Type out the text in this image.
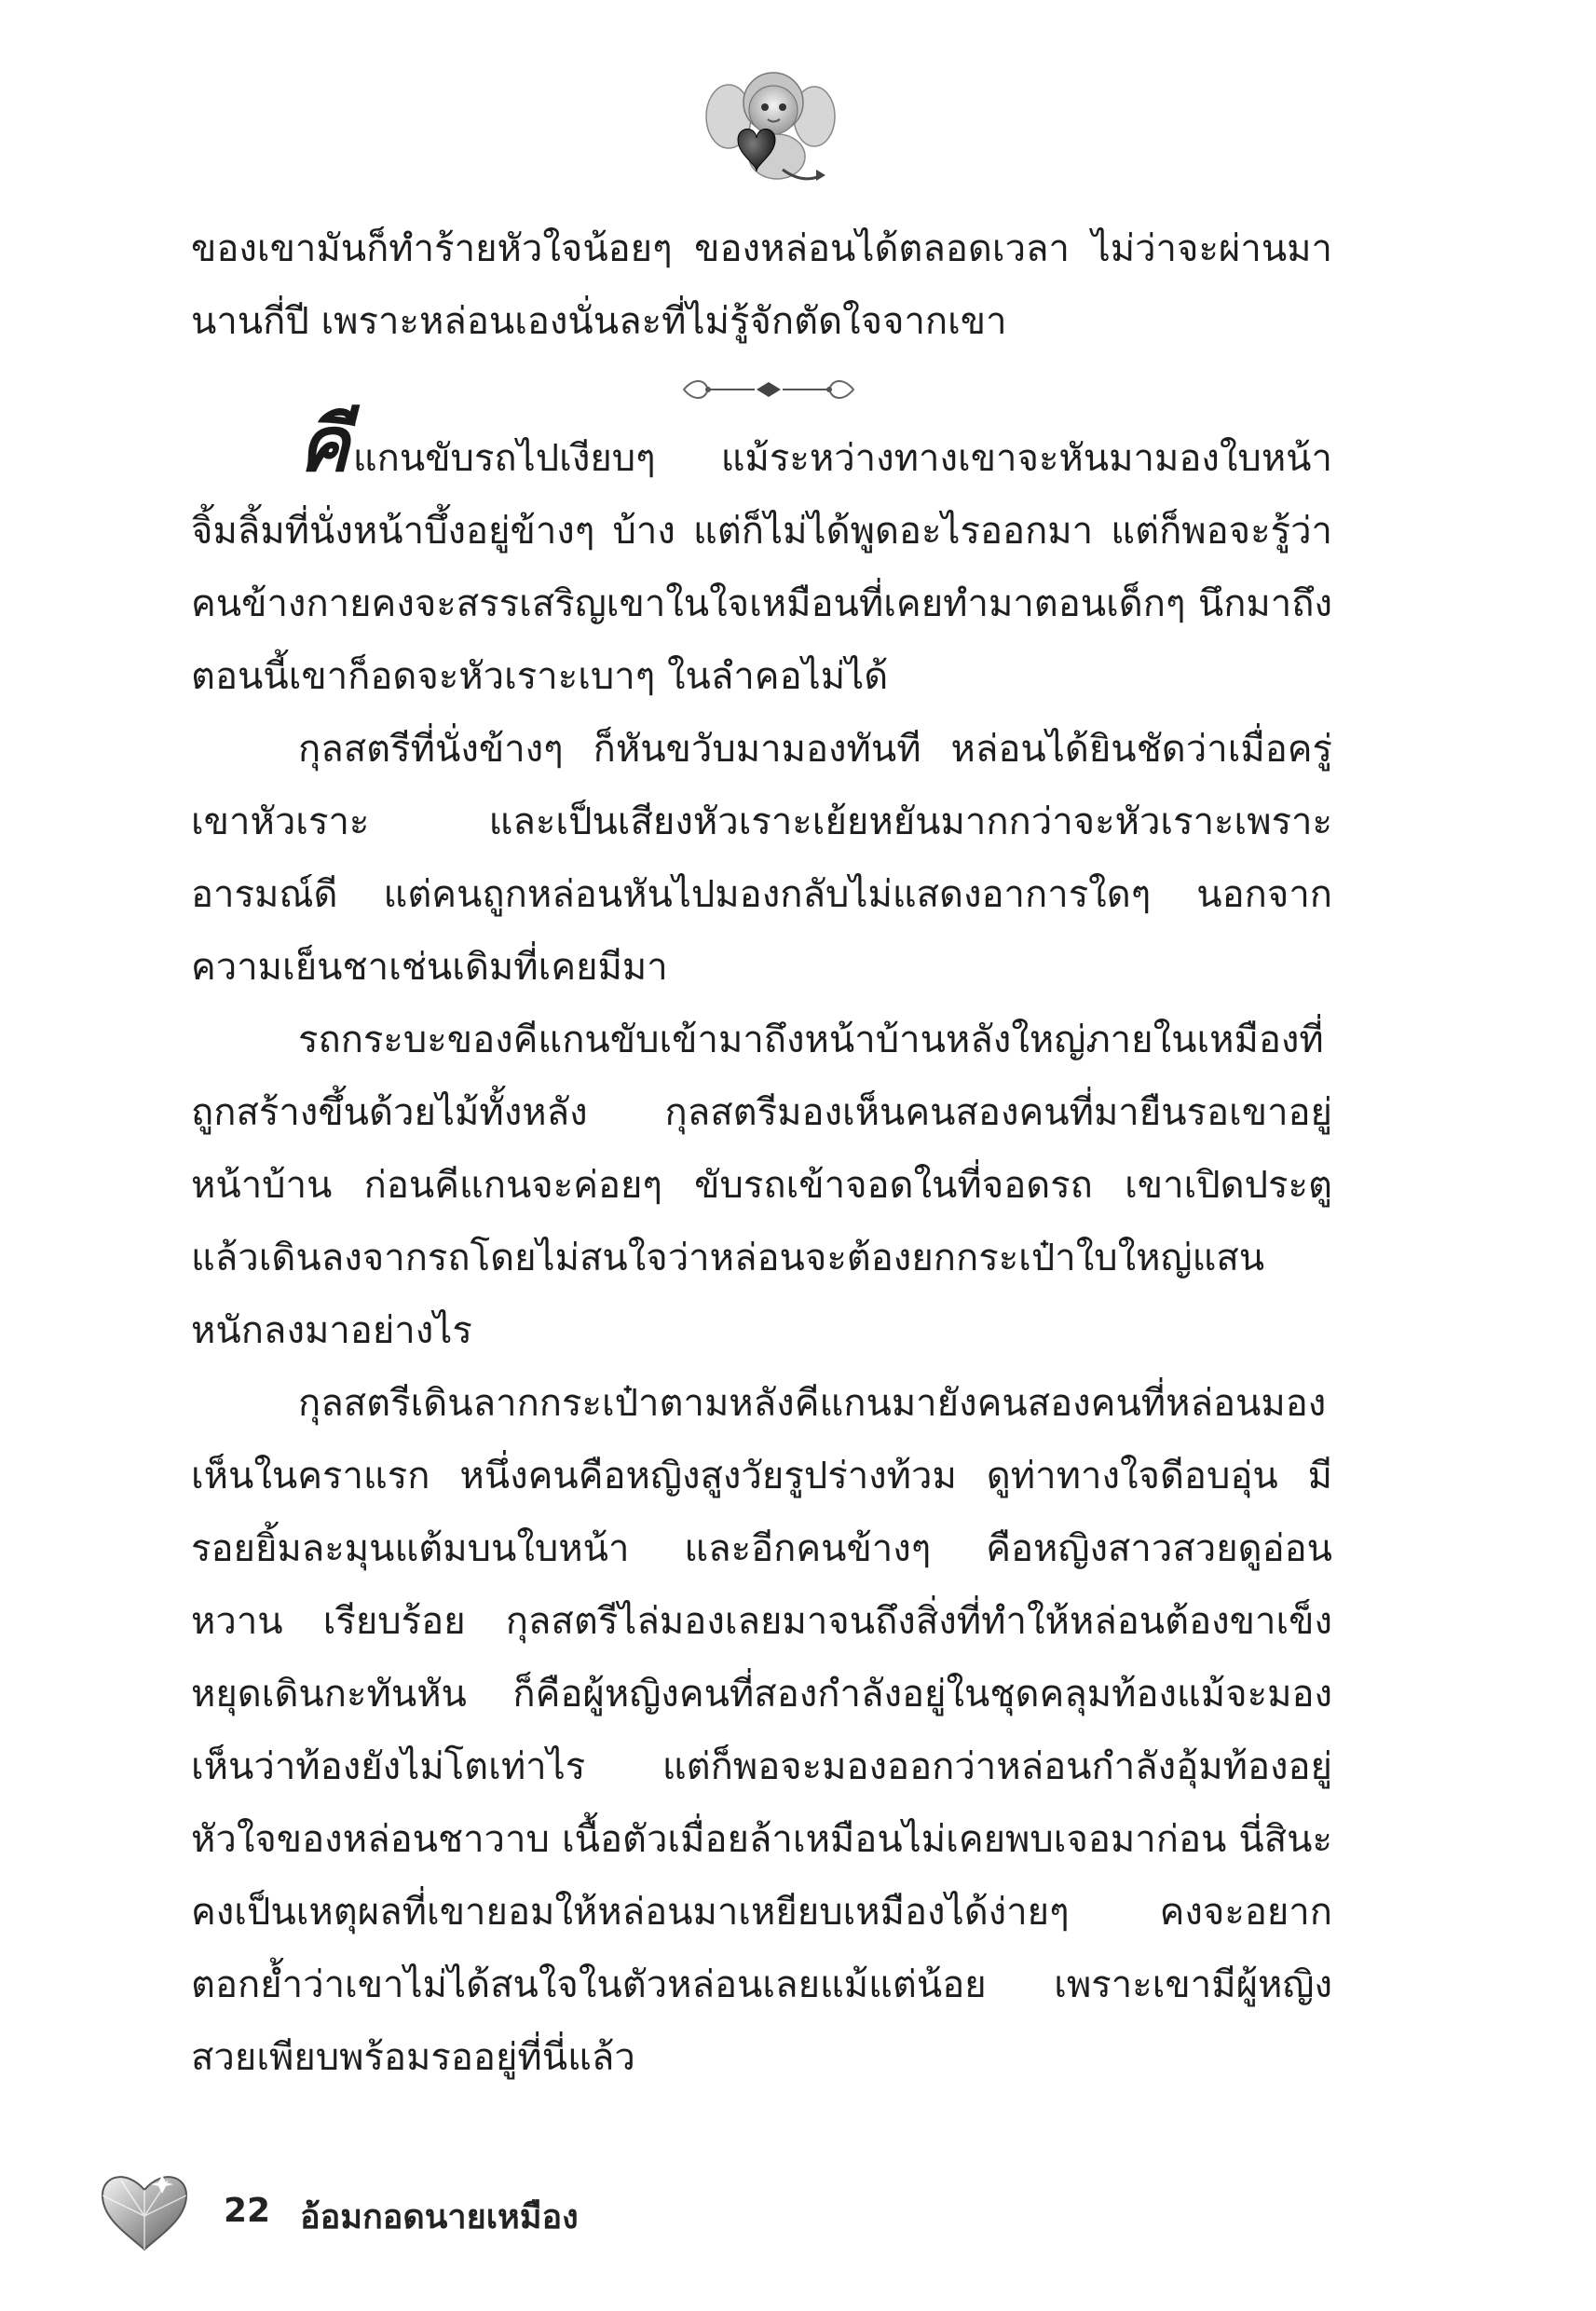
ของเขามันก็ทำร้ายหัวใจน้อยๆ ของหล่อนได้ตลอดเวลา ไม่ว่าจะผ่านมานานกี่ปี เพราะหล่อนเองนั่นละที่ไม่รู้จักตัดใจจากเขา

คีแกนขับรถไปเงียบๆ แม้ระหว่างทางเขาจะหันมามองใบหน้าจิ้มลิ้มที่นั่งหน้าบึ้งอยู่ข้างๆ บ้าง แต่ก็ไม่ได้พูดอะไรออกมา แต่ก็พอจะรู้ว่าคนข้างกายคงจะสรรเสริญเขาในใจเหมือนที่เคยทำมาตอนเด็กๆ นึกมาถึงตอนนี้เขาก็อดจะหัวเราะเบาๆ ในลำคอไม่ได้

กุลสตรีที่นั่งข้างๆ ก็หันขวับมามองทันที หล่อนได้ยินชัดว่าเมื่อครู่เขาหัวเราะ และเป็นเสียงหัวเราะเย้ยหยันมากกว่าจะหัวเราะเพราะอารมณ์ดี แต่คนถูกหล่อนหันไปมองกลับไม่แสดงอาการใดๆ นอกจากความเย็นชาเช่นเดิมที่เคยมีมา

รถกระบะของคีแกนขับเข้ามาถึงหน้าบ้านหลังใหญ่ภายในเหมืองที่ถูกสร้างขึ้นด้วยไม้ทั้งหลัง กุลสตรีมองเห็นคนสองคนที่มายืนรอเขาอยู่หน้าบ้าน ก่อนคีแกนจะค่อยๆ ขับรถเข้าจอดในที่จอดรถ เขาเปิดประตูแล้วเดินลงจากรถโดยไม่สนใจว่าหล่อนจะต้องยกกระเป๋าใบใหญ่แสนหนักลงมาอย่างไร

กุลสตรีเดินลากกระเป๋าตามหลังคีแกนมายังคนสองคนที่หล่อนมองเห็นในคราแรก หนึ่งคนคือหญิงสูงวัยรูปร่างท้วม ดูท่าทางใจดีอบอุ่น มีรอยยิ้มละมุนแต้มบนใบหน้า และอีกคนข้างๆ คือหญิงสาวสวยดูอ่อนหวาน เรียบร้อย กุลสตรีไล่มองเลยมาจนถึงสิ่งที่ทำให้หล่อนต้องขาเข็งหยุดเดินกะทันหัน ก็คือผู้หญิงคนที่สองกำลังอยู่ในชุดคลุมท้องแม้จะมองเห็นว่าท้องยังไม่โตเท่าไร แต่ก็พอจะมองออกว่าหล่อนกำลังอุ้มท้องอยู่ หัวใจของหล่อนชาวาบ เนื้อตัวเมื่อยล้าเหมือนไม่เคยพบเจอมาก่อน นี่สินะคงเป็นเหตุผลที่เขายอมให้หล่อนมาเหยียบเหมืองได้ง่ายๆ คงจะอยากตอกย้ำว่าเขาไม่ได้สนใจในตัวหล่อนเลยแม้แต่น้อย เพราะเขามีผู้หญิงสวยเพียบพร้อมรออยู่ที่นี่แล้ว

22 อ้อมกอดนายเหมือง
